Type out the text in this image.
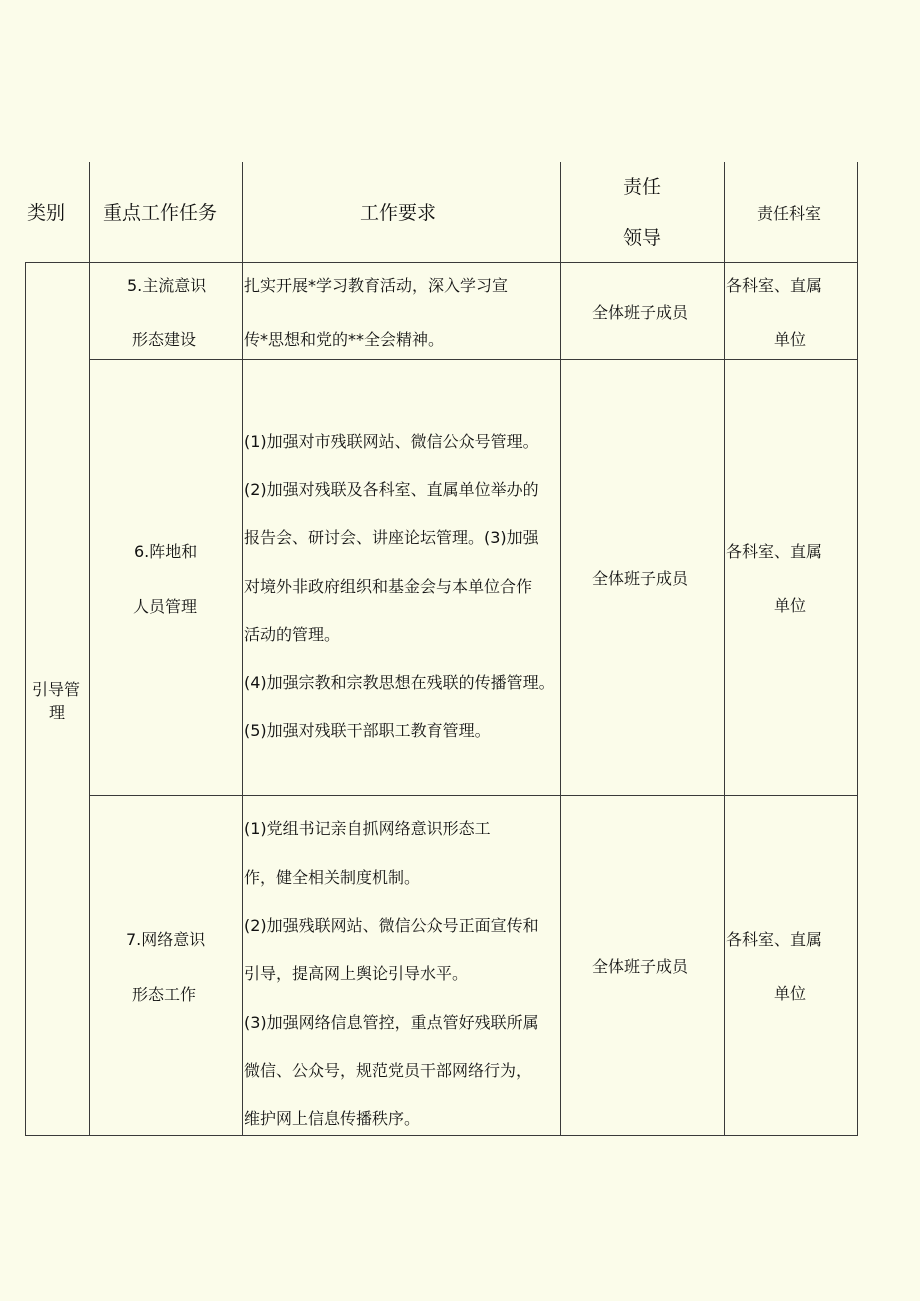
类别 重点工作任务	工作要求
责任
领导
责任科室
引导管
理
5.主流意识
形态建设
扎实开展*学习教育活动，深入学习宣
传*思想和党的**全会精神。
全体班子成员
各科室、直属
单位
6.阵地和
人员管理
(1)加强对市残联网站、微信公众号管理。
(2)加强对残联及各科室、直属单位举办的
报告会、研讨会、讲座论坛管理。(3)加强
对境外非政府组织和基金会与本单位合作
活动的管理。
(4)加强宗教和宗教思想在残联的传播管理。
(5)加强对残联干部职工教育管理。
全体班子成员
各科室、直属
单位
7.网络意识
形态工作
(1)党组书记亲自抓网络意识形态工
作，健全相关制度机制。
(2)加强残联网站、微信公众号正面宣传和
引导，提高网上舆论引导水平。
(3)加强网络信息管控，重点管好残联所属
微信、公众号，规范党员干部网络行为，
维护网上信息传播秩序。
全体班子成员
各科室、直属
单位
